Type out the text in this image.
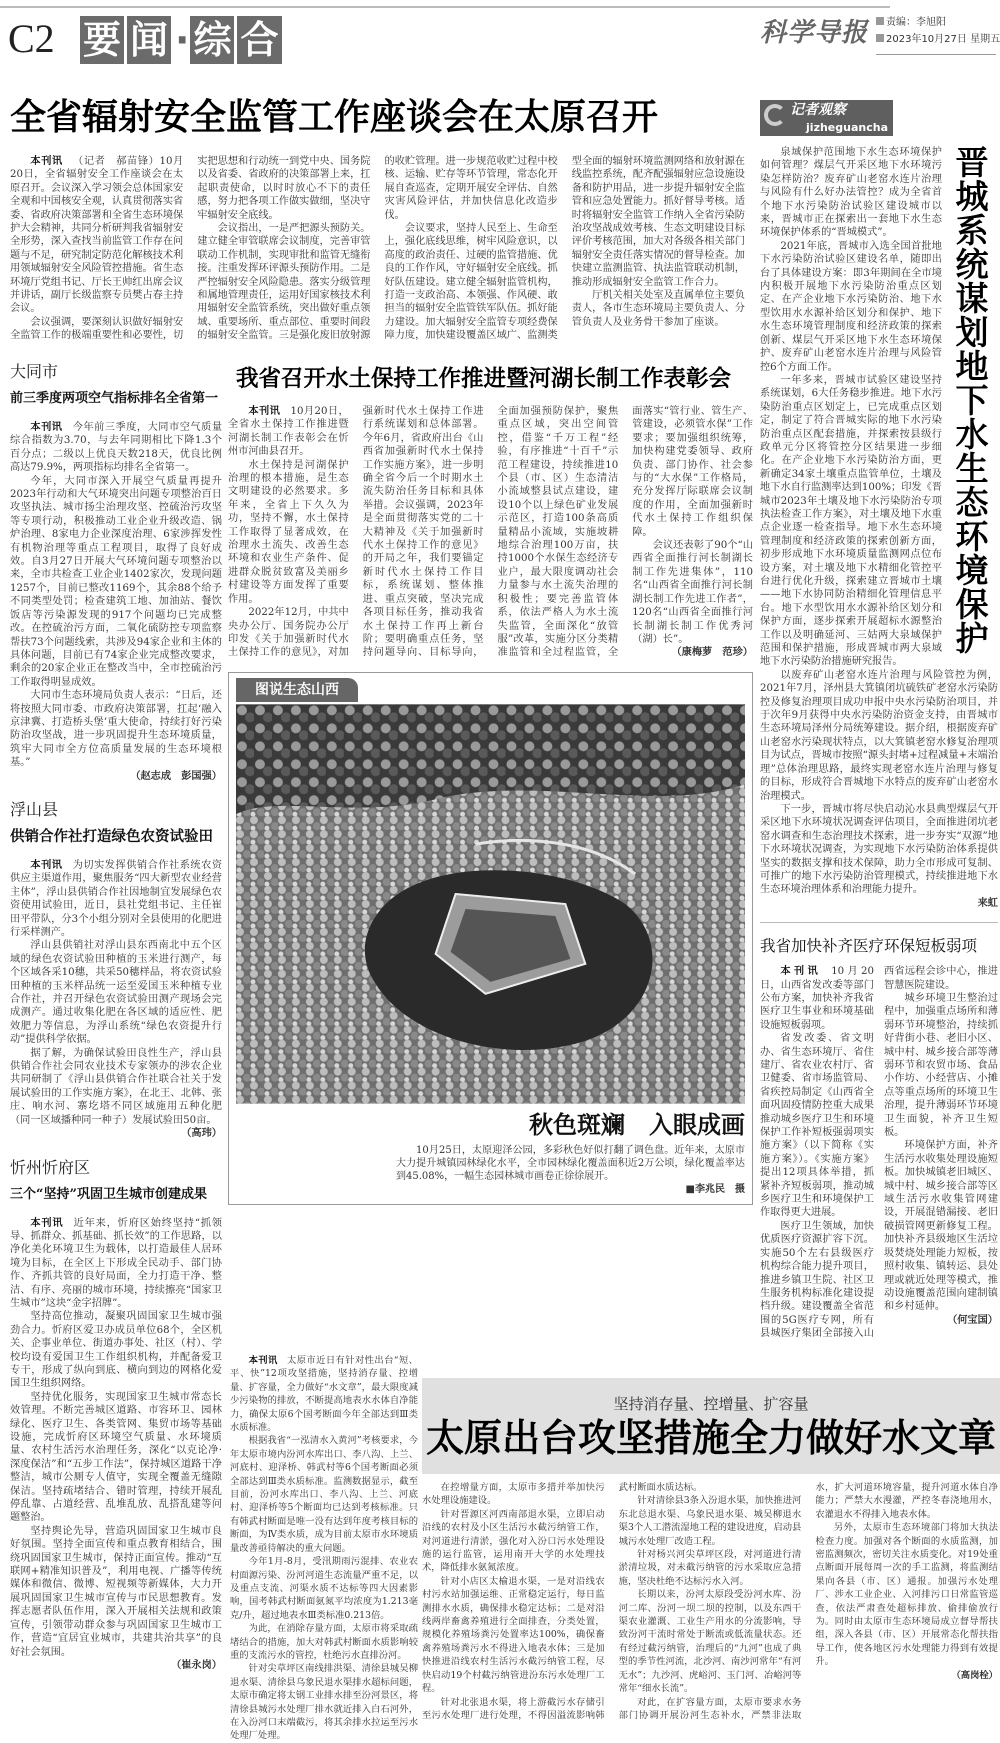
C2 要 闻 · 综 合	科学导报	责编：李旭阳
2023年10月27日 星期五
全省辐射安全监管工作座谈会在太原召开

本刊讯 （记者　郝苗锋）10月20日，全省辐射安全工作座谈会在太原召开。会议深入学习领会总体国家安全观和中国核安全观，认真贯彻落实省委、省政府决策部署和全省生态环境保护大会精神，共同分析研判我省辐射安全形势，深入查找当前监管工作存在问题与不足，研究制定防范化解核技术利用领域辐射安全风险管控措施。省生态环境厅党组书记、厅长王帅红出席会议并讲话，副厅长级监察专员樊占春主持会议。

会议强调，要深刻认识做好辐射安全监管工作的极端重要性和必要性，切实把思想和行动统一到党中央、国务院以及省委、省政府的决策部署上来，扛起职责使命，以时时放心不下的责任感，努力把各项工作做实做细，坚决守牢辐射安全底线。

会议指出，一是严把源头预防关。建立健全审管联席会议制度，完善审管联动工作机制，实现审批和监管无缝衔接。注重发挥环评源头预防作用。二是严控辐射安全风险隐患。落实分级管理和属地管理责任，运用好国家核技术利用辐射安全监管系统，突出做好重点领域、重要场所、重点部位、重要时间段的辐射安全监管。三是强化废旧放射源的收贮管理。进一步规范收贮过程中校核、运输、贮存等环节管理，常态化开展自查巡查，定期开展安全评估、自然灾害风险评估，并加快信息化改造步伐。

会议要求，坚持人民至上、生命至上，强化底线思维，树牢风险意识，以高度的政治责任、过硬的监管措施、优良的工作作风，守好辐射安全底线。抓好队伍建设。建立健全辐射监管机构，打造一支政治高、本领强、作风硬、敢担当的辐射安全监管铁军队伍。抓好能力建设。加大辐射安全监管专项经费保障力度，加快建设覆盖区域广、监测类型全面的辐射环境监测网络和放射源在线监控系统，配齐配强辐射应急设施设备和防护用品，进一步提升辐射安全监管和应急处置能力。抓好督导考核。适时将辐射安全监管工作纳入全省污染防治攻坚战成效考核、生态文明建设目标评价考核范围，加大对各级各相关部门辐射安全责任落实情况的督导检查。加快建立监测监管、执法监管联动机制，推动形成辐射安全监管工作合力。

厅机关相关处室及直属单位主要负责人，各市生态环境局主要负责人、分管负责人及业务骨干参加了座谈。

大同市
前三季度两项空气指标排名全省第一

本刊讯 今年前三季度，大同市空气质量综合指数为3.70，与去年同期相比下降1.3个百分点；二级以上优良天数218天，优良比例高达79.9%，两项指标均排名全省第一。

今年，大同市深入开展空气质量再提升2023年行动和大气环境突出问题专项整治百日攻坚执法、城市扬尘治理攻坚、控硫治污攻坚等专项行动，积极推动工业企业升级改造、锅炉治理、8家电力企业深度治理、6家涉挥发性有机物治理等重点工程项目，取得了良好成效。自3月27日开展大气环境问题专项整治以来，全市共检查工业企业1402家次，发现问题1257个，目前已整改1169个，其余88个给予不同类型处罚；检查建筑工地、加油站、餐饮饭店等污染源发现的917个问题均已完成整改。在控硫治污方面，二氧化硫防控专项监察帮扶73个问题线索，共涉及94家企业和主体的具体问题，目前已有74家企业完成整改要求，剩余的20家企业正在整改当中，全市控硫治污工作取得明显成效。

大同市生态环境局负责人表示：“日后，还将按照大同市委、市政府决策部署，扛起‘融入京津冀、打造桥头堡’重大使命，持续打好污染防治攻坚战，进一步巩固提升生态环境质量，筑牢大同市全方位高质量发展的生态环境根基。”

（赵志成　彭国强）

浮山县
供销合作社打造绿色农资试验田

本刊讯 为切实发挥供销合作社系统农资供应主渠道作用，聚焦服务“四大新型农业经营主体”，浮山县供销合作社因地制宜发展绿色农资使用试验田，近日，县社党组书记、主任崔田平带队，分3个小组分别对全县使用的化肥进行采样测产。

浮山县供销社对浮山县东西南北中五个区域的绿色农资试验田种植的玉米进行测产，每个区域各采10穗，共采50穗样品，将农资试验田种植的玉米样品统一运至爱国玉米种植专业合作社，并召开绿色农资试验田测产现场会完成测产。通过收集化肥在各区域的适应性、肥效肥力等信息，为浮山系统“绿色农资提升行动”提供科学依据。

据了解，为确保试验田良性生产，浮山县供销合作社会同农业技术专家领办的涉农企业共同研制了《浮山县供销合作社联合社关于发展试验田的工作实施方案》，在北王、北韩、张庄、响水河、寨圪塔不同区域施用五种化肥（同一区域播种同一种子）发展试验田50亩。

（高玮）

忻州忻府区
三个“坚持”巩固卫生城市创建成果

本刊讯 近年来，忻府区始终坚持“抓领导、抓群众、抓基础、抓长效”的工作思路，以净化美化环境卫生为载体，以打造最佳人居环境为目标，在全区上下形成全民动手、部门协作、齐抓共管的良好局面，全力打造干净、整洁、有序、亮丽的城市环境，持续擦亮“国家卫生城市”这块“金字招牌”。

坚持高位推动，凝聚巩固国家卫生城市强劲合力。忻府区爱卫办成员单位68个，全区机关、企事业单位、街道办事处、社区（村）、学校均设有爱国卫生工作组织机构，并配备爱卫专干，形成了纵向到底、横向到边的网格化爱国卫生组织网络。

坚持优化服务，实现国家卫生城市常态长效管理。不断完善城区道路、市容环卫、园林绿化、医疗卫生、各类管网、集贸市场等基础设施，完成忻府区环境空气质量、水环境质量、农村生活污水治理任务，深化“以克论净·深度保洁”和“五步工作法”，保持城区道路干净整洁，城市公厕专人值守，实现全覆盖无缝隙保洁。坚持疏堵结合、错时管理，持续开展乱停乱靠、占道经营、乱堆乱放、乱搭乱建等问题整治。

坚持舆论先导，营造巩固国家卫生城市良好氛围。坚持全面宣传和重点教育相结合，围绕巩固国家卫生城市，保持正面宣传。推动“互联网+精准知识普及”，利用电视、广播等传统媒体和微信、微博、短视频等新媒体，大力开展巩固国家卫生城市宣传与市民思想教育。发挥志愿者队伍作用，深入开展相关法规和政策宣传，引领带动群众参与巩固国家卫生城市工作，营造“宜居宜业城市，共建共治共享”的良好社会氛围。

（崔永岗）

我省召开水土保持工作推进暨河湖长制工作表彰会

本刊讯 10月20日，全省水土保持工作推进暨河湖长制工作表彰会在忻州市河曲县召开。

水土保持是河湖保护治理的根本措施，是生态文明建设的必然要求。多年来，全省上下久久为功，坚持不懈，水土保持工作取得了显著成效，在治理水土流失、改善生态环境和农业生产条件、促进群众脱贫致富及美丽乡村建设等方面发挥了重要作用。

2022年12月，中共中央办公厅、国务院办公厅印发《关于加强新时代水土保持工作的意见》，对加强新时代水土保持工作进行系统谋划和总体部署。今年6月，省政府出台《山西省加强新时代水土保持工作实施方案》，进一步明确全省今后一个时期水土流失防治任务目标和具体举措。会议强调，2023年是全面贯彻落实党的二十大精神及《关于加强新时代水土保持工作的意见》的开局之年，我们要锚定新时代水土保持工作目标，系统谋划、整体推进、重点突破，坚决完成各项目标任务，推动我省水土保持工作再上新台阶；要明确重点任务，坚持问题导向、目标导向，全面加强预防保护，聚焦重点区域，突出空间管控，借鉴“千万工程”经验，有序推进“十百千”示范工程建设，持续推进10个县（市、区）生态清洁小流域整县试点建设，建设10个以上绿色矿业发展示范区，打造100条高质量精品小流域，实施坡耕地综合治理100万亩，扶持1000个水保生态经济专业户，最大限度调动社会力量参与水土流失治理的积极性；要完善监管体系，依法严格人为水土流失监管，全面深化“放管服”改革，实施分区分类精准监管和全过程监管，全面落实“管行业、管生产、管建设，必须管水保”工作要求；要加强组织统筹，加快构建党委领导、政府负责、部门协作、社会参与的“大水保”工作格局，充分发挥厅际联席会议制度的作用，全面加强新时代水土保持工作组织保障。

会议还表彰了90个“山西省全面推行河长制湖长制工作先进集体”，110名“山西省全面推行河长制湖长制工作先进工作者”，120名“山西省全面推行河长制湖长制工作优秀河（湖）长”。

（康梅萝　范珍）

图说生态山西
秋色斑斓　入眼成画
10月25日，太原迎泽公园，多彩秋色好似打翻了调色盘。近年来，太原市大力提升城镇园林绿化水平，全市园林绿化覆盖面积近2万公顷，绿化覆盖率达到45.08%，一幅生态园林城市画卷正徐徐展开。
■李兆民　摄
记者观察
jizheguancha
晋城系统谋划地下水生态环境保护

泉域保护范围地下水生态环境保护如何管理？煤层气开采区地下水环境污染怎样防治？废弃矿山老窑水连片治理与风险有什么好办法管控？成为全省首个地下水污染防治试验区建设城市以来，晋城市正在探索出一套地下水生态环境保护体系的“晋城模式”。

2021年底，晋城市入选全国首批地下水污染防治试验区建设名单，随即出台了具体建设方案：即3年期间在全市境内积极开展地下水污染防治重点区划定、在产企业地下水污染防治、地下水型饮用水水源补给区划分和保护、地下水生态环境管理制度和经济政策的探索创新、煤层气开采区地下水生态环境保护、废弃矿山老窑水连片治理与风险管控6个方面工作。

一年多来，晋城市试验区建设坚持系统谋划，6大任务稳步推进。地下水污染防治重点区划定上，已完成重点区划定，制定了符合晋城实际的地下水污染防治重点区配套措施，并探索按县级行政单元分区将管控分区结果进一步细化。在产企业地下水污染防治方面，更新确定34家土壤重点监管单位，土壤及地下水自行监测率达到100%；印发《晋城市2023年土壤及地下水污染防治专项执法检查工作方案》，对土壤及地下水重点企业逐一检查指导。地下水生态环境管理制度和经济政策的探索创新方面，初步形成地下水环境质量监测网点位布设方案，对土壤及地下水精细化管控平台进行优化升级，探索建立晋城市土壤——地下水协同防治精细化管理信息平台。地下水型饮用水水源补给区划分和保护方面，逐步探索开展超标水源整治工作以及明确延河、三姑两大泉域保护范围和保护措施，形成晋城市两大泉域地下水污染防治措施研究报告。

以废弃矿山老窑水连片治理与风险管控为例，2021年7月，泽州县大箕镇闭坑硫铁矿老窑水污染防控及修复治理项目成功申报中央水污染防治项目，并于次年9月获得中央水污染防治资金支持，由晋城市生态环境局泽州分局统筹建设。据介绍，根据废弃矿山老窑水污染现状特点，以大箕镇老窑水修复治理项目为试点，晋城市按照“源头封堵+过程减量+末端治理”总体治理思路，最终实现老窑水连片治理与修复的目标，形成符合晋城地下水特点的废弃矿山老窑水治理模式。

下一步，晋城市将尽快启动沁水县典型煤层气开采区地下水环境状况调查评估项目，全面推进闭坑老窑水调查和生态治理技术探索，进一步夯实“双源”地下水环境状况调查，为实现地下水污染防治体系提供坚实的数据支撑和技术保障，助力全市形成可复制、可推广的地下水污染防治管理模式，持续推进地下水生态环境治理体系和治理能力提升。

来虹

我省加快补齐医疗环保短板弱项

本刊讯 10月20日，山西省发改委等部门公布方案，加快补齐我省医疗卫生事业和环境基础设施短板弱项。

省发改委、省文明办、省生态环境厅、省住建厅、省农业农村厅、省卫健委、省市场监管局、省疾控局制定《山西省全面巩固疫情防控重大成果推动城乡医疗卫生和环境保护工作补短板强弱项实施方案》（以下简称《实施方案》）。《实施方案》提出12项具体举措，抓紧补齐短板弱项，推动城乡医疗卫生和环境保护工作取得更大进展。

医疗卫生领域，加快优质医疗资源扩容下沉。实施50个左右县级医疗机构综合能力提升项目，推进乡镇卫生院、社区卫生服务机构标准化建设提档升级。建设覆盖全省范围的5G医疗专网，所有县城医疗集团全部接入山西省远程会诊中心，推进智慧医院建设。

城乡环境卫生整治过程中，加强重点场所和薄弱环节环境整治，持续抓好背街小巷、老旧小区、城中村、城乡接合部等薄弱环节和农贸市场、食品小作坊、小经营店、小摊点等重点场所的环境卫生治理，提升薄弱环节环境卫生面貌，补齐卫生短板。

环境保护方面，补齐生活污水收集处理设施短板。加快城镇老旧城区、城中村、城乡接合部等区域生活污水收集管网建设，开展混错漏接、老旧破损管网更新修复工程。加快补齐县级地区生活垃圾焚烧处理能力短板，按照村收集、镇转运、县处理或就近处理等模式，推动设施覆盖范围向建制镇和乡村延伸。

（何宝国）

本刊讯 太原市近日有针对性出台“短、平、快”12项攻坚措施，坚持消存量、控增量、扩容量，全力做好“水文章”，最大限度减少污染物的排放，不断提高地表水水体自净能力，确保太原6个国考断面今年全部达到Ⅲ类水质标准。

根据我省“一泓清水入黄河”考核要求，今年太原市境内汾河水库出口、李八沟、上兰、河底村、迎泽桥、韩武村等6个国考断面必须全部达到Ⅲ类水质标准。监测数据显示，截至目前，汾河水库出口、李八沟、上兰、河底村、迎泽桥等5个断面均已达到考核标准。只有韩武村断面是唯一没有达到年度考核目标的断面，为Ⅳ类水质，成为目前太原市水环境质量改善亟待解决的重大问题。

今年1月-8月，受汛期雨污混排、农业农村面源污染、汾河河道生态流量严重不足，以及重点支流、河渠水质不达标等四大因素影响，国考韩武村断面氨氮平均浓度为1.213毫克/升，超过地表水Ⅲ类标准0.213倍。

为此，在消除存量方面，太原市将采取疏堵结合的措施，加大对韩武村断面水质影响较重的支流污水的管控，杜绝污水直排汾河。

针对尖草坪区南线排洪渠、清徐县城吴柳退水渠、清徐县乌象民退水渠排水超标问题，太原市确定将太钢工业排水排至汾河景区，将清徐县城污水处理厂排水就近排入白石河外，在入汾河口末端截污，将其余排水拉运至污水处理厂处理。

坚持消存量、控增量、扩容量
太原出台攻坚措施全力做好水文章

在控增量方面，太原市多措并举加快污水处理设施建设。

针对晋源区河西南部退水渠，立即启动沿线的农村及小区生活污水截污纳管工作，对河道进行清淤，强化对入汾口污水处理设施的运行监管，运用南开大学的水处理技术，降低排水氨氮浓度。

针对小店区太榆退水渠，一是对沿线农村污水站加强运维、正常稳定运行，每日监测排水水质，确保排水稳定达标；二是对沿线两岸畜禽养殖进行全面排查，分类处置，规模化养殖场粪污处置率达100%，确保畜禽养殖场粪污水不得进入地表水体；三是加快推进沿线农村生活污水截污纳管工程，尽快启动19个村截污纳管进汾东污水处理厂工程。

针对北张退水渠，将上游截污水存储引至污水处理厂进行处理，不得因溢流影响韩武村断面水质达标。

针对清徐县3条入汾退水渠，加快推进河东北总退水渠、乌象民退水渠、城吴柳退水渠3个人工潜流湿地工程的建设进度，启动县城污水处理厂改造工程。

针对杨兴河尖草坪区段，对河道进行清淤清垃圾，对未截污纳管的污水采取应急措施，坚决杜绝不达标污水入河。

长期以来，汾河太原段受汾河水库、汾河二库、汾河一坝二坝的控制，以及东西干渠农业灌溉、工业生产用水的分流影响，导致汾河干流时常处于断流或低流量状态。还有经过截污纳管，治理后的“九河”也成了典型的季节性河流，北沙河、南沙河常年“有河无水”；九沙河、虎峪河、玉门河、冶峪河等常年“细水长流”。

对此，在扩容量方面，太原市要求水务部门协调开展汾河生态补水，严禁非法取水，扩大河道环境容量，提升河道水体自净能力；严禁大水漫灌，严控冬春浇地用水，农灌退水不得排入地表水体。

另外，太原市生态环境部门将加大执法检查力度。加强对各个断面的水质监测，加密监测频次，密切关注水质变化。对19处重点断面开展每周一次的手工监测，将监测结果向各县（市、区）通报。加强污水处理厂、涉水工业企业、入河排污口日常监管巡查，依法严肃查处超标排放、偷排偷放行为。同时由太原市生态环境局成立督导帮扶组，深入各县（市、区）开展常态化帮扶指导工作，使各地区污水处理能力得到有效提升。

（高岗栓）
